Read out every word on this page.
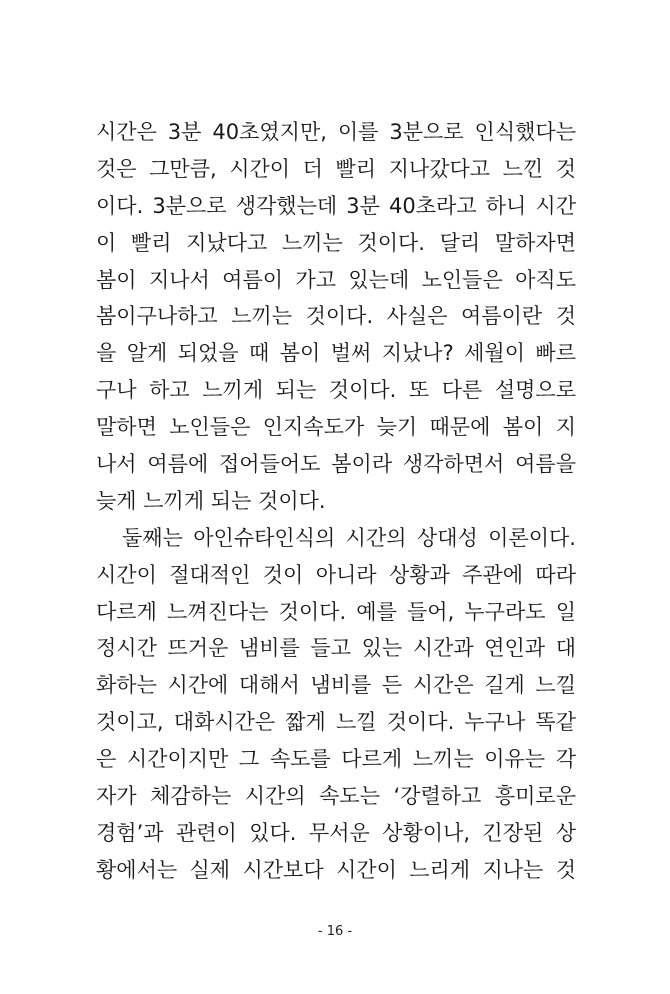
시간은 3분 40초였지만, 이를 3분으로 인식했다는
것은 그만큼, 시간이 더 빨리 지나갔다고 느낀 것
이다. 3분으로 생각했는데 3분 40초라고 하니 시간
이 빨리 지났다고 느끼는 것이다. 달리 말하자면
봄이 지나서 여름이 가고 있는데 노인들은 아직도
봄이구나하고 느끼는 것이다. 사실은 여름이란 것
을 알게 되었을 때 봄이 벌써 지났나? 세월이 빠르
구나 하고 느끼게 되는 것이다. 또 다른 설명으로
말하면 노인들은 인지속도가 늦기 때문에 봄이 지
나서 여름에 접어들어도 봄이라 생각하면서 여름을
늦게 느끼게 되는 것이다.
둘째는 아인슈타인식의 시간의 상대성 이론이다.
시간이 절대적인 것이 아니라 상황과 주관에 따라
다르게 느껴진다는 것이다. 예를 들어, 누구라도 일
정시간 뜨거운 냄비를 들고 있는 시간과 연인과 대
화하는 시간에 대해서 냄비를 든 시간은 길게 느낄
것이고, 대화시간은 짧게 느낄 것이다. 누구나 똑같
은 시간이지만 그 속도를 다르게 느끼는 이유는 각
자가 체감하는 시간의 속도는 ‘강렬하고 흥미로운
경험’과 관련이 있다. 무서운 상황이나, 긴장된 상
황에서는 실제 시간보다 시간이 느리게 지나는 것
- 16 -
